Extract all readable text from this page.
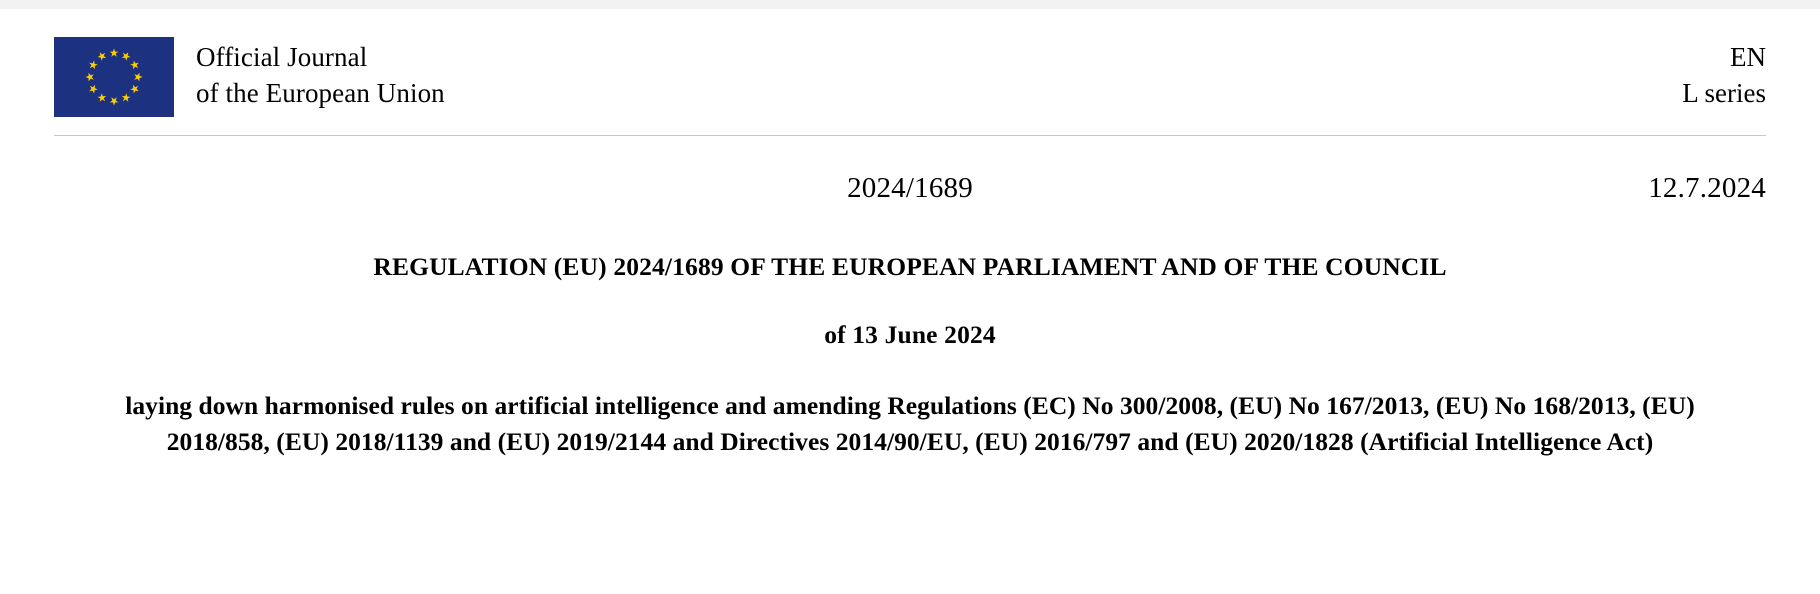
Official Journal
of the European Union
EN
L series
2024/1689	12.7.2024
REGULATION (EU) 2024/1689 OF THE EUROPEAN PARLIAMENT AND OF THE COUNCIL
of 13 June 2024
laying down harmonised rules on artificial intelligence and amending Regulations (EC) No 300/2008, (EU) No 167/2013, (EU) No 168/2013, (EU) 2018/858, (EU) 2018/1139 and (EU) 2019/2144 and Directives 2014/90/EU, (EU) 2016/797 and (EU) 2020/1828 (Artificial Intelligence Act)
